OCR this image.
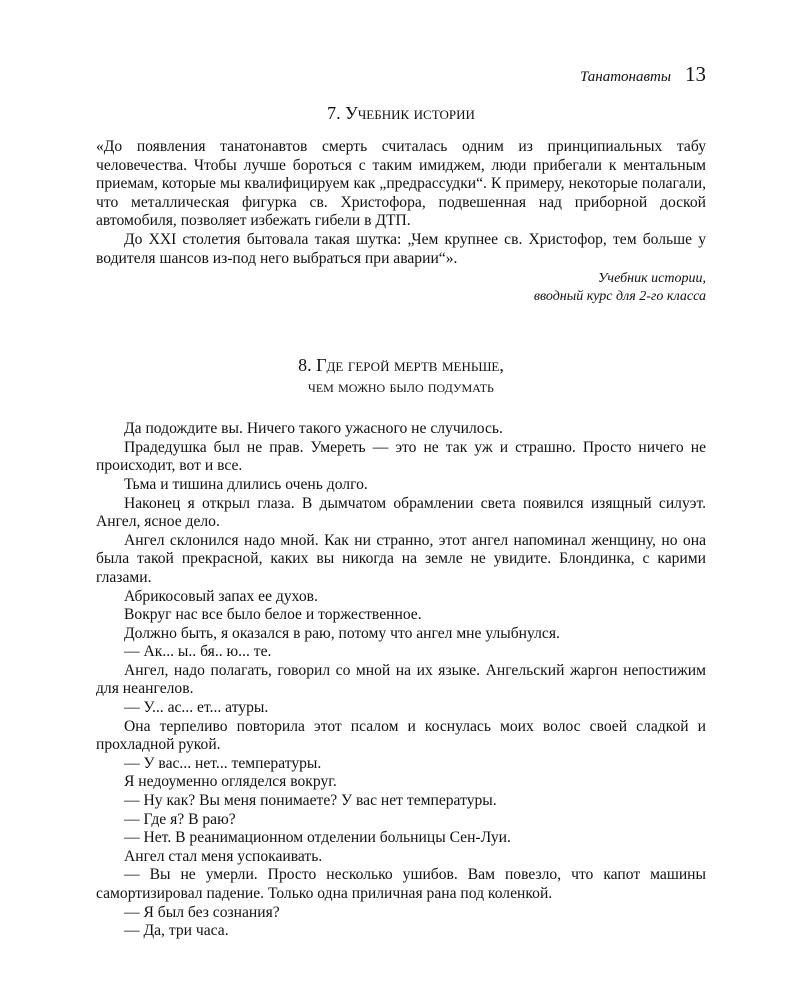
Танатонавты 13
7. Учебник истории

«До появления танатонавтов смерть считалась одним из принципиальных табу человечества. Чтобы лучше бороться с таким имиджем, люди прибегали к ментальным приемам, которые мы квалифицируем как „предрассудки“. К примеру, некоторые полагали, что металлическая фигурка св. Христофора, подвешенная над приборной доской автомобиля, позволяет избежать гибели в ДТП.

До XXI столетия бытовала такая шутка: „Чем крупнее св. Христофор, тем больше у водителя шансов из-под него выбраться при аварии“».

Учебник истории,
вводный курс для 2-го класса
8. Где герой мертв меньше,
чем можно было подумать

Да подождите вы. Ничего такого ужасного не случилось.

Прадедушка был не прав. Умереть — это не так уж и страшно. Просто ничего не происходит, вот и все.

Тьма и тишина длились очень долго.

Наконец я открыл глаза. В дымчатом обрамлении света появился изящный силуэт. Ангел, ясное дело.

Ангел склонился надо мной. Как ни странно, этот ангел напоминал женщину, но она была такой прекрасной, каких вы никогда на земле не увидите. Блондинка, с карими глазами.

Абрикосовый запах ее духов.

Вокруг нас все было белое и торжественное.

Должно быть, я оказался в раю, потому что ангел мне улыбнулся.

— Ак... ы.. бя.. ю... те.

Ангел, надо полагать, говорил со мной на их языке. Ангельский жаргон непостижим для неангелов.

— У... ас... ет... атуры.

Она терпеливо повторила этот псалом и коснулась моих волос своей сладкой и прохладной рукой.

— У вас... нет... температуры.

Я недоуменно огляделся вокруг.

— Ну как? Вы меня понимаете? У вас нет температуры.

— Где я? В раю?

— Нет. В реанимационном отделении больницы Сен-Луи.

Ангел стал меня успокаивать.

— Вы не умерли. Просто несколько ушибов. Вам повезло, что капот машины самортизировал падение. Только одна приличная рана под коленкой.

— Я был без сознания?

— Да, три часа.
